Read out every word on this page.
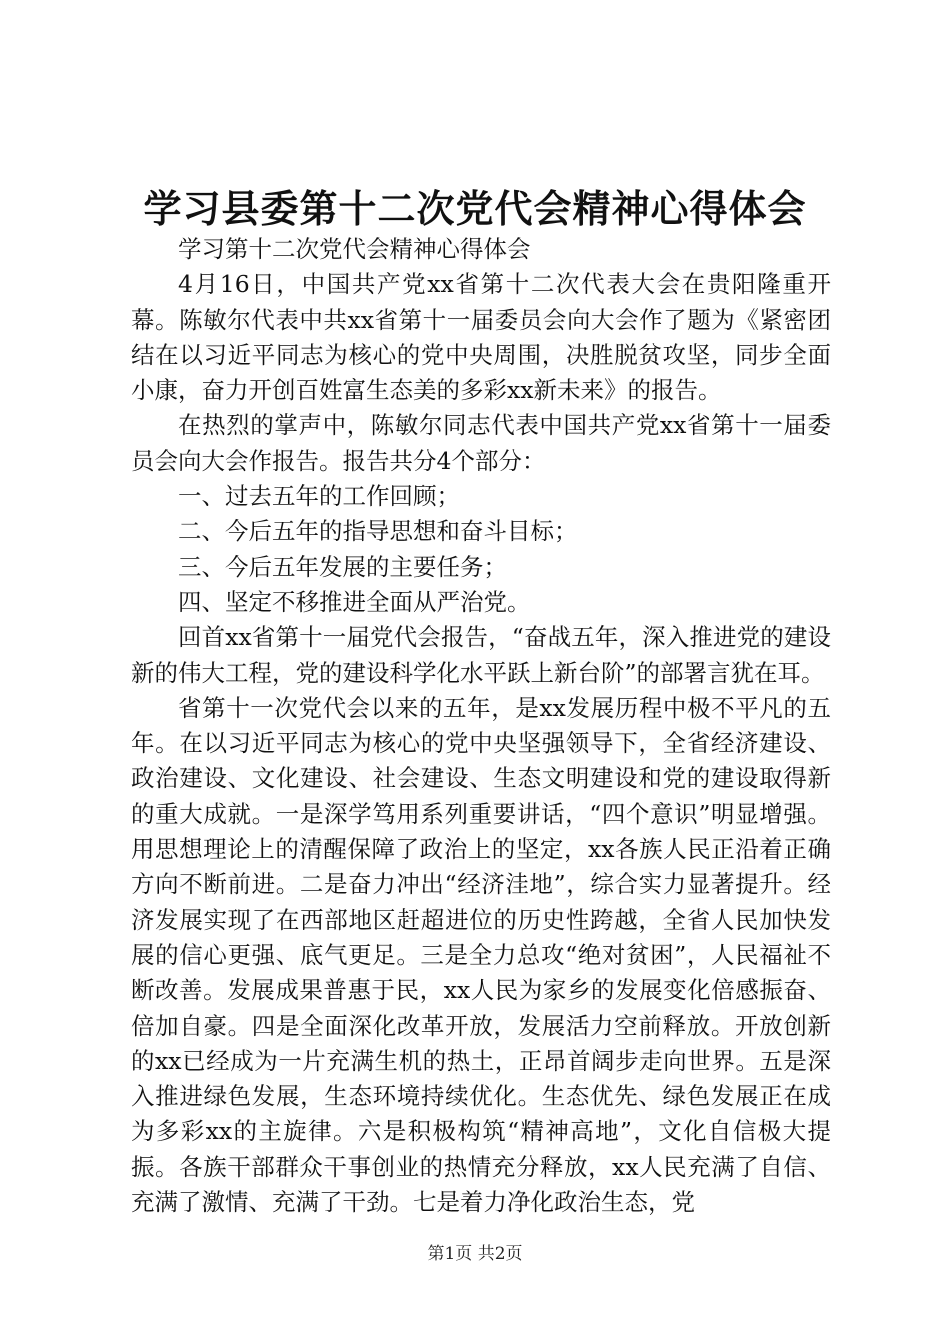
学习县委第十二次党代会精神心得体会

学习第十二次党代会精神心得体会

4月16日，中国共产党xx省第十二次代表大会在贵阳隆重开幕。陈敏尔代表中共xx省第十一届委员会向大会作了题为《紧密团结在以习近平同志为核心的党中央周围，决胜脱贫攻坚，同步全面小康，奋力开创百姓富生态美的多彩xx新未来》的报告。

在热烈的掌声中，陈敏尔同志代表中国共产党xx省第十一届委员会向大会作报告。报告共分4个部分：

一、过去五年的工作回顾；

二、今后五年的指导思想和奋斗目标；

三、今后五年发展的主要任务；

四、坚定不移推进全面从严治党。

回首xx省第十一届党代会报告，“奋战五年，深入推进党的建设新的伟大工程，党的建设科学化水平跃上新台阶”的部署言犹在耳。

省第十一次党代会以来的五年，是xx发展历程中极不平凡的五年。在以习近平同志为核心的党中央坚强领导下，全省经济建设、政治建设、文化建设、社会建设、生态文明建设和党的建设取得新的重大成就。一是深学笃用系列重要讲话，“四个意识”明显增强。用思想理论上的清醒保障了政治上的坚定，xx各族人民正沿着正确方向不断前进。二是奋力冲出“经济洼地”，综合实力显著提升。经济发展实现了在西部地区赶超进位的历史性跨越，全省人民加快发展的信心更强、底气更足。三是全力总攻“绝对贫困”，人民福祉不断改善。发展成果普惠于民，xx人民为家乡的发展变化倍感振奋、倍加自豪。四是全面深化改革开放，发展活力空前释放。开放创新的xx已经成为一片充满生机的热土，正昂首阔步走向世界。五是深入推进绿色发展，生态环境持续优化。生态优先、绿色发展正在成为多彩xx的主旋律。六是积极构筑“精神高地”，文化自信极大提振。各族干部群众干事创业的热情充分释放，xx人民充满了自信、充满了激情、充满了干劲。七是着力净化政治生态，党

第1页 共2页
